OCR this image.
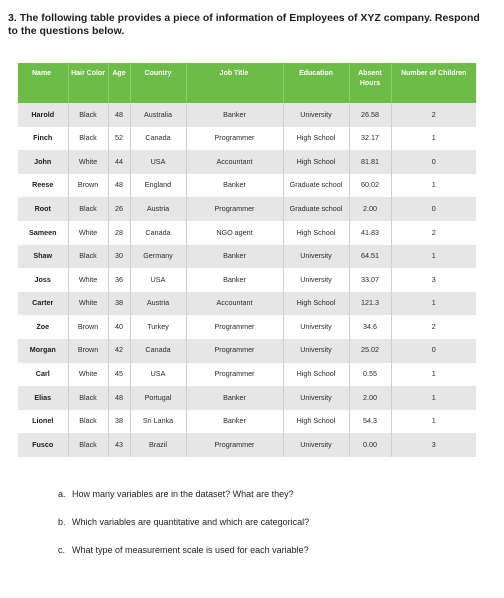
3. The following table provides a piece of information of Employees of XYZ company. Respond to the questions below.
Name	Hair Color	Age	Country	Job Title	Education	Absent Hours	Number of Children
Harold	Black	48	Australia	Banker	University	26.58	2
Finch	Black	52	Canada	Programmer	High School	32.17	1
John	White	44	USA	Accountant	High School	81.81	0
Reese	Brown	48	England	Banker	Graduate school	60.02	1
Root	Black	26	Austria	Programmer	Graduate school	2.00	0
Sameen	White	28	Canada	NGO agent	High School	41.83	2
Shaw	Black	30	Germany	Banker	University	64.51	1
Joss	White	36	USA	Banker	University	33.07	3
Carter	White	38	Austria	Accountant	High School	121.3	1
Zoe	Brown	40	Turkey	Programmer	University	34.6	2
Morgan	Brown	42	Canada	Programmer	University	25.02	0
Carl	White	45	USA	Programmer	High School	0.55	1
Elias	Black	48	Portugal	Banker	University	2.00	1
Lionel	Black	38	Sri Lanka	Banker	High School	54.3	1
Fusco	Black	43	Brazil	Programmer	University	0.00	3
a. How many variables are in the dataset? What are they?
b. Which variables are quantitative and which are categorical?
c. What type of measurement scale is used for each variable?
